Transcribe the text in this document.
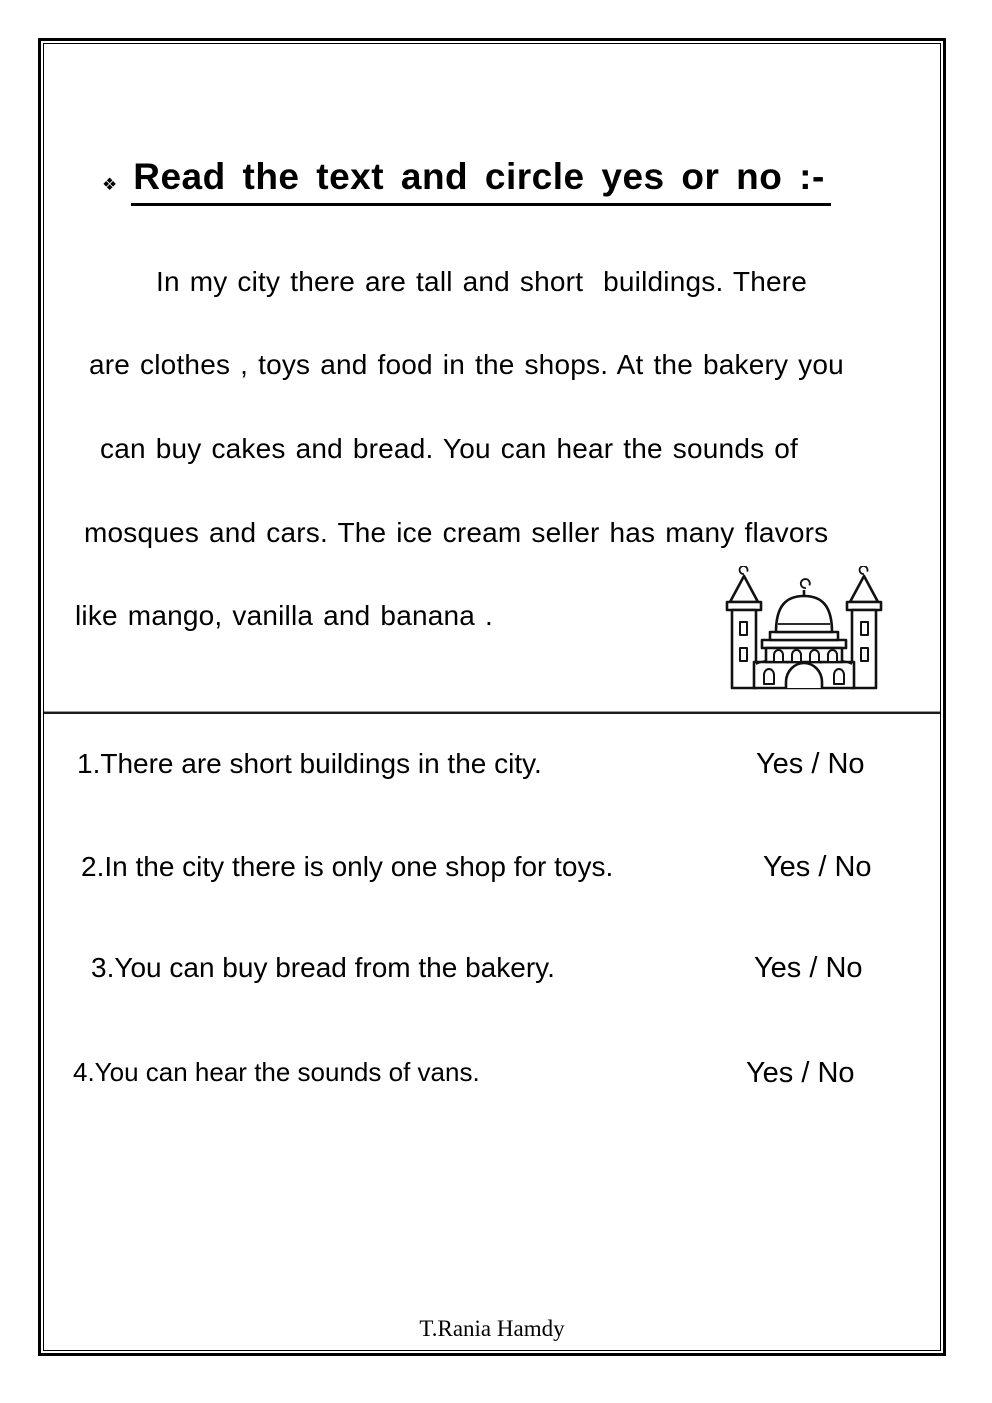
❖ Read the text and circle yes or no :-
In my city there are tall and short  buildings. There
are clothes , toys and food in the shops. At the bakery you
can buy cakes and bread. You can hear the sounds of
mosques and cars. The ice cream seller has many flavors
like mango, vanilla and banana .
1.There are short buildings in the city.	Yes / No
2.In the city there is only one shop for toys.	Yes / No
3.You can buy bread from the bakery.	Yes / No
4.You can hear the sounds of vans.	Yes / No
T.Rania Hamdy
